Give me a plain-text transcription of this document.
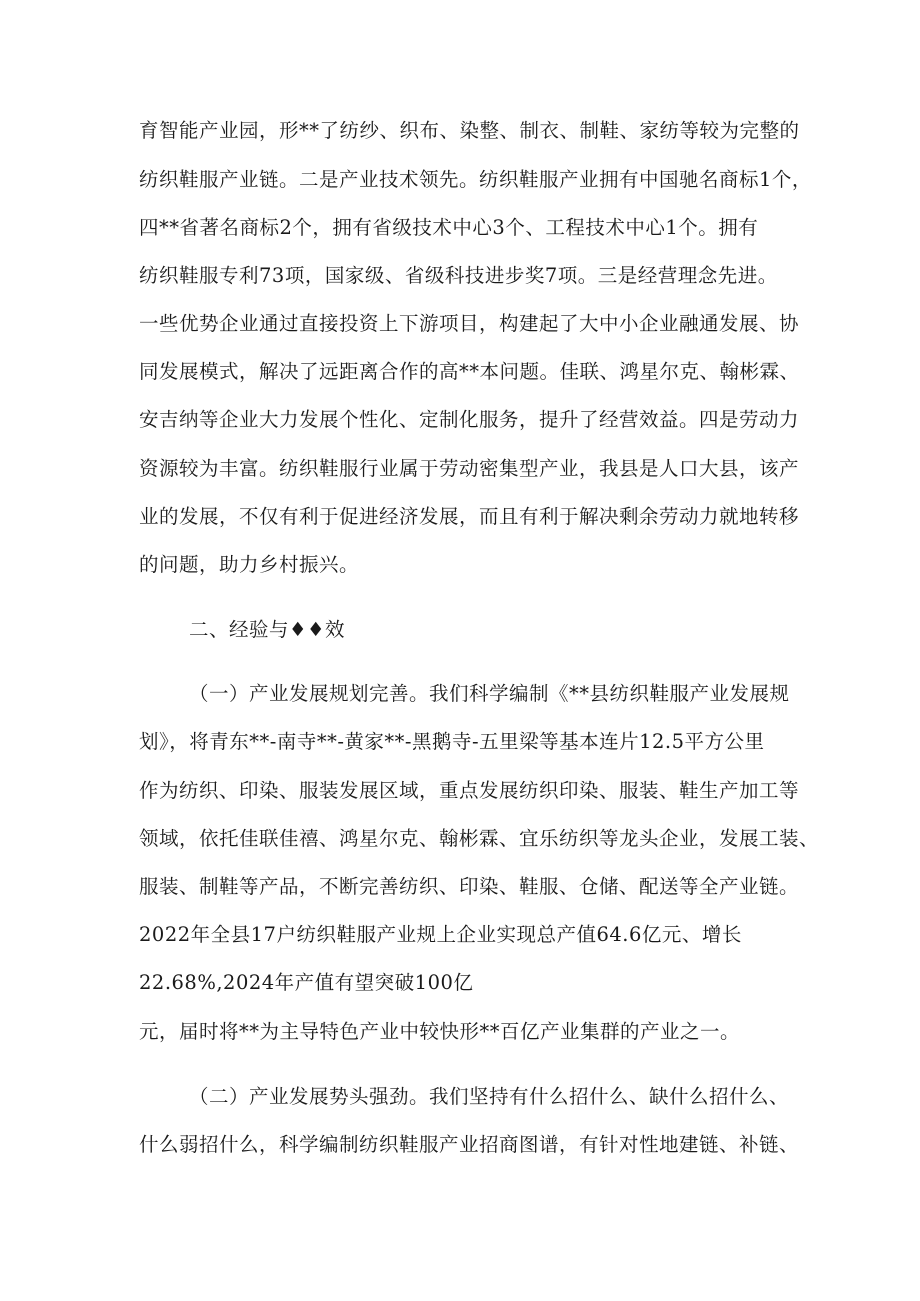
育智能产业园，形**了纺纱、织布、染整、制衣、制鞋、家纺等较为完整的
纺织鞋服产业链。二是产业技术领先。纺织鞋服产业拥有中国驰名商标1个，
四**省著名商标2个，拥有省级技术中心3个、工程技术中心1个。拥有
纺织鞋服专利73项，国家级、省级科技进步奖7项。三是经营理念先进。
一些优势企业通过直接投资上下游项目，构建起了大中小企业融通发展、协
同发展模式，解决了远距离合作的高**本问题。佳联、鸿星尔克、翰彬霖、
安吉纳等企业大力发展个性化、定制化服务，提升了经营效益。四是劳动力
资源较为丰富。纺织鞋服行业属于劳动密集型产业，我县是人口大县，该产
业的发展，不仅有利于促进经济发展，而且有利于解决剩余劳动力就地转移
的问题，助力乡村振兴。
二、经验与♦♦效
（一）产业发展规划完善。我们科学编制《**县纺织鞋服产业发展规
划》，将青东**-南寺**-黄家**-黑鹅寺-五里梁等基本连片12.5平方公里
作为纺织、印染、服装发展区域，重点发展纺织印染、服装、鞋生产加工等
领域，依托佳联佳禧、鸿星尔克、翰彬霖、宜乐纺织等龙头企业，发展工装、
服装、制鞋等产品，不断完善纺织、印染、鞋服、仓储、配送等全产业链。
2022年全县17户纺织鞋服产业规上企业实现总产值64.6亿元、增长
22.68%,2024年产值有望突破100亿
元，届时将**为主导特色产业中较快形**百亿产业集群的产业之一。
（二）产业发展势头强劲。我们坚持有什么招什么、缺什么招什么、
什么弱招什么，科学编制纺织鞋服产业招商图谱，有针对性地建链、补链、
